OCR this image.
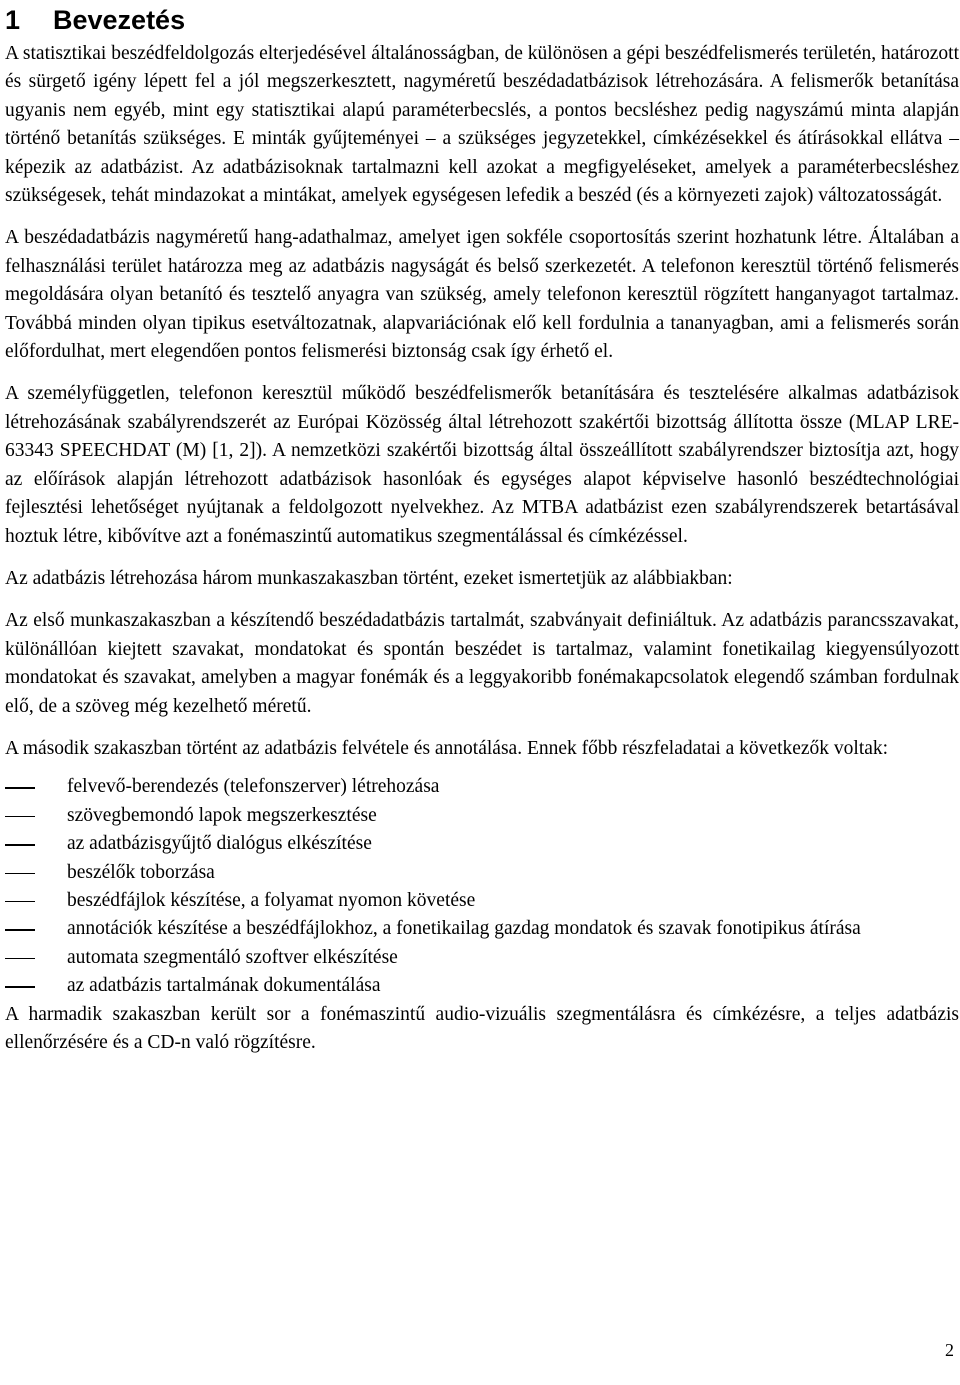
1	Bevezetés

A statisztikai beszédfeldolgozás elterjedésével általánosságban, de különösen a gépi beszédfelismerés területén, határozott és sürgető igény lépett fel a jól megszerkesztett, nagyméretű beszédadatbázisok létrehozására. A felismerők betanítása ugyanis nem egyéb, mint egy statisztikai alapú paraméterbecslés, a pontos becsléshez pedig nagyszámú minta alapján történő betanítás szükséges. E minták gyűjteményei – a szükséges jegyzetekkel, címkézésekkel és átírásokkal ellátva – képezik az adatbázist. Az adatbázisoknak tartalmazni kell azokat a megfigyeléseket, amelyek a paraméterbecsléshez szükségesek, tehát mindazokat a mintákat, amelyek egységesen lefedik a beszéd (és a környezeti zajok) változatosságát.

A beszédadatbázis nagyméretű hang-adathalmaz, amelyet igen sokféle csoportosítás szerint hozhatunk létre. Általában a felhasználási terület határozza meg az adatbázis nagyságát és belső szerkezetét. A telefonon keresztül történő felismerés megoldására olyan betanító és tesztelő anyagra van szükség, amely telefonon keresztül rögzített hanganyagot tartalmaz. Továbbá minden olyan tipikus esetváltozatnak, alapvariációnak elő kell fordulnia a tananyagban, ami a felismerés során előfordulhat, mert elegendően pontos felismerési biztonság csak így érhető el.

A személyfüggetlen, telefonon keresztül működő beszédfelismerők betanítására és tesztelésére alkalmas adatbázisok létrehozásának szabályrendszerét az Európai Közösség által létrehozott szakértői bizottság állította össze (MLAP LRE-63343 SPEECHDAT (M) [1, 2]). A nemzetközi szakértői bizottság által összeállított szabályrendszer biztosítja azt, hogy az előírások alapján létrehozott adatbázisok hasonlóak és egységes alapot képviselve hasonló beszédtechnológiai fejlesztési lehetőséget nyújtanak a feldolgozott nyelvekhez. Az MTBA adatbázist ezen szabályrendszerek betartásával hoztuk létre, kibővítve azt a fonémaszintű automatikus szegmentálással és címkézéssel.

Az adatbázis létrehozása három munkaszakaszban történt, ezeket ismertetjük az alábbiakban:

Az első munkaszakaszban a készítendő beszédadatbázis tartalmát, szabványait definiáltuk. Az adatbázis parancsszavakat, különállóan kiejtett szavakat, mondatokat és spontán beszédet is tartalmaz, valamint fonetikailag kiegyensúlyozott mondatokat és szavakat, amelyben a magyar fonémák és a leggyakoribb fonémakapcsolatok elegendő számban fordulnak elő, de a szöveg még kezelhető méretű.

A második szakaszban történt az adatbázis felvétele és annotálása. Ennek főbb részfeladatai a következők voltak:

felvevő-berendezés (telefonszerver) létrehozása
szövegbemondó lapok megszerkesztése
az adatbázisgyűjtő dialógus elkészítése
beszélők toborzása
beszédfájlok készítése, a folyamat nyomon követése
annotációk készítése a beszédfájlokhoz, a fonetikailag gazdag mondatok és szavak fonotipikus átírása
automata szegmentáló szoftver elkészítése
az adatbázis tartalmának dokumentálása

A harmadik szakaszban került sor a fonémaszintű audio-vizuális szegmentálásra és címkézésre, a teljes adatbázis ellenőrzésére és a CD-n való rögzítésre.

2
